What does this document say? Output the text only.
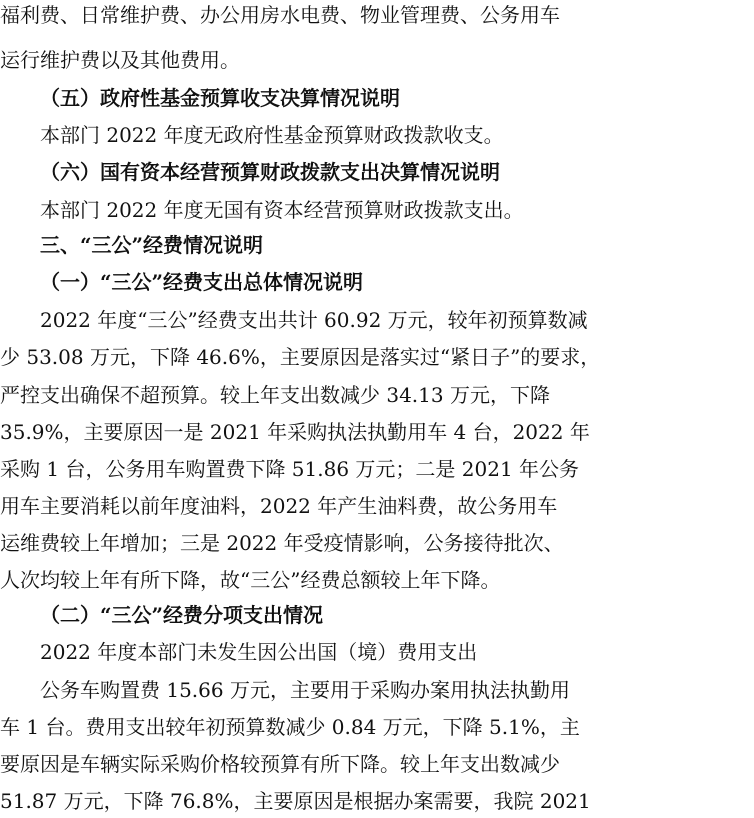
福利费、日常维护费、办公用房水电费、物业管理费、公务用车
运行维护费以及其他费用。
（五）政府性基金预算收支决算情况说明
本部门 2022 年度无政府性基金预算财政拨款收支。
（六）国有资本经营预算财政拨款支出决算情况说明
本部门 2022 年度无国有资本经营预算财政拨款支出。
三、“三公”经费情况说明
（一）“三公”经费支出总体情况说明
2022 年度“三公”经费支出共计 60.92 万元，较年初预算数减
少 53.08 万元，下降 46.6%，主要原因是落实过“紧日子”的要求，
严控支出确保不超预算。较上年支出数减少 34.13 万元，下降
35.9%，主要原因一是 2021 年采购执法执勤用车 4 台，2022 年
采购 1 台，公务用车购置费下降 51.86 万元；二是 2021 年公务
用车主要消耗以前年度油料，2022 年产生油料费，故公务用车
运维费较上年增加；三是 2022 年受疫情影响，公务接待批次、
人次均较上年有所下降，故“三公”经费总额较上年下降。
（二）“三公”经费分项支出情况
2022 年度本部门未发生因公出国（境）费用支出
公务车购置费 15.66 万元，主要用于采购办案用执法执勤用
车 1 台。费用支出较年初预算数减少 0.84 万元，下降 5.1%，主
要原因是车辆实际采购价格较预算有所下降。较上年支出数减少
51.87 万元，下降 76.8%，主要原因是根据办案需要，我院 2021
